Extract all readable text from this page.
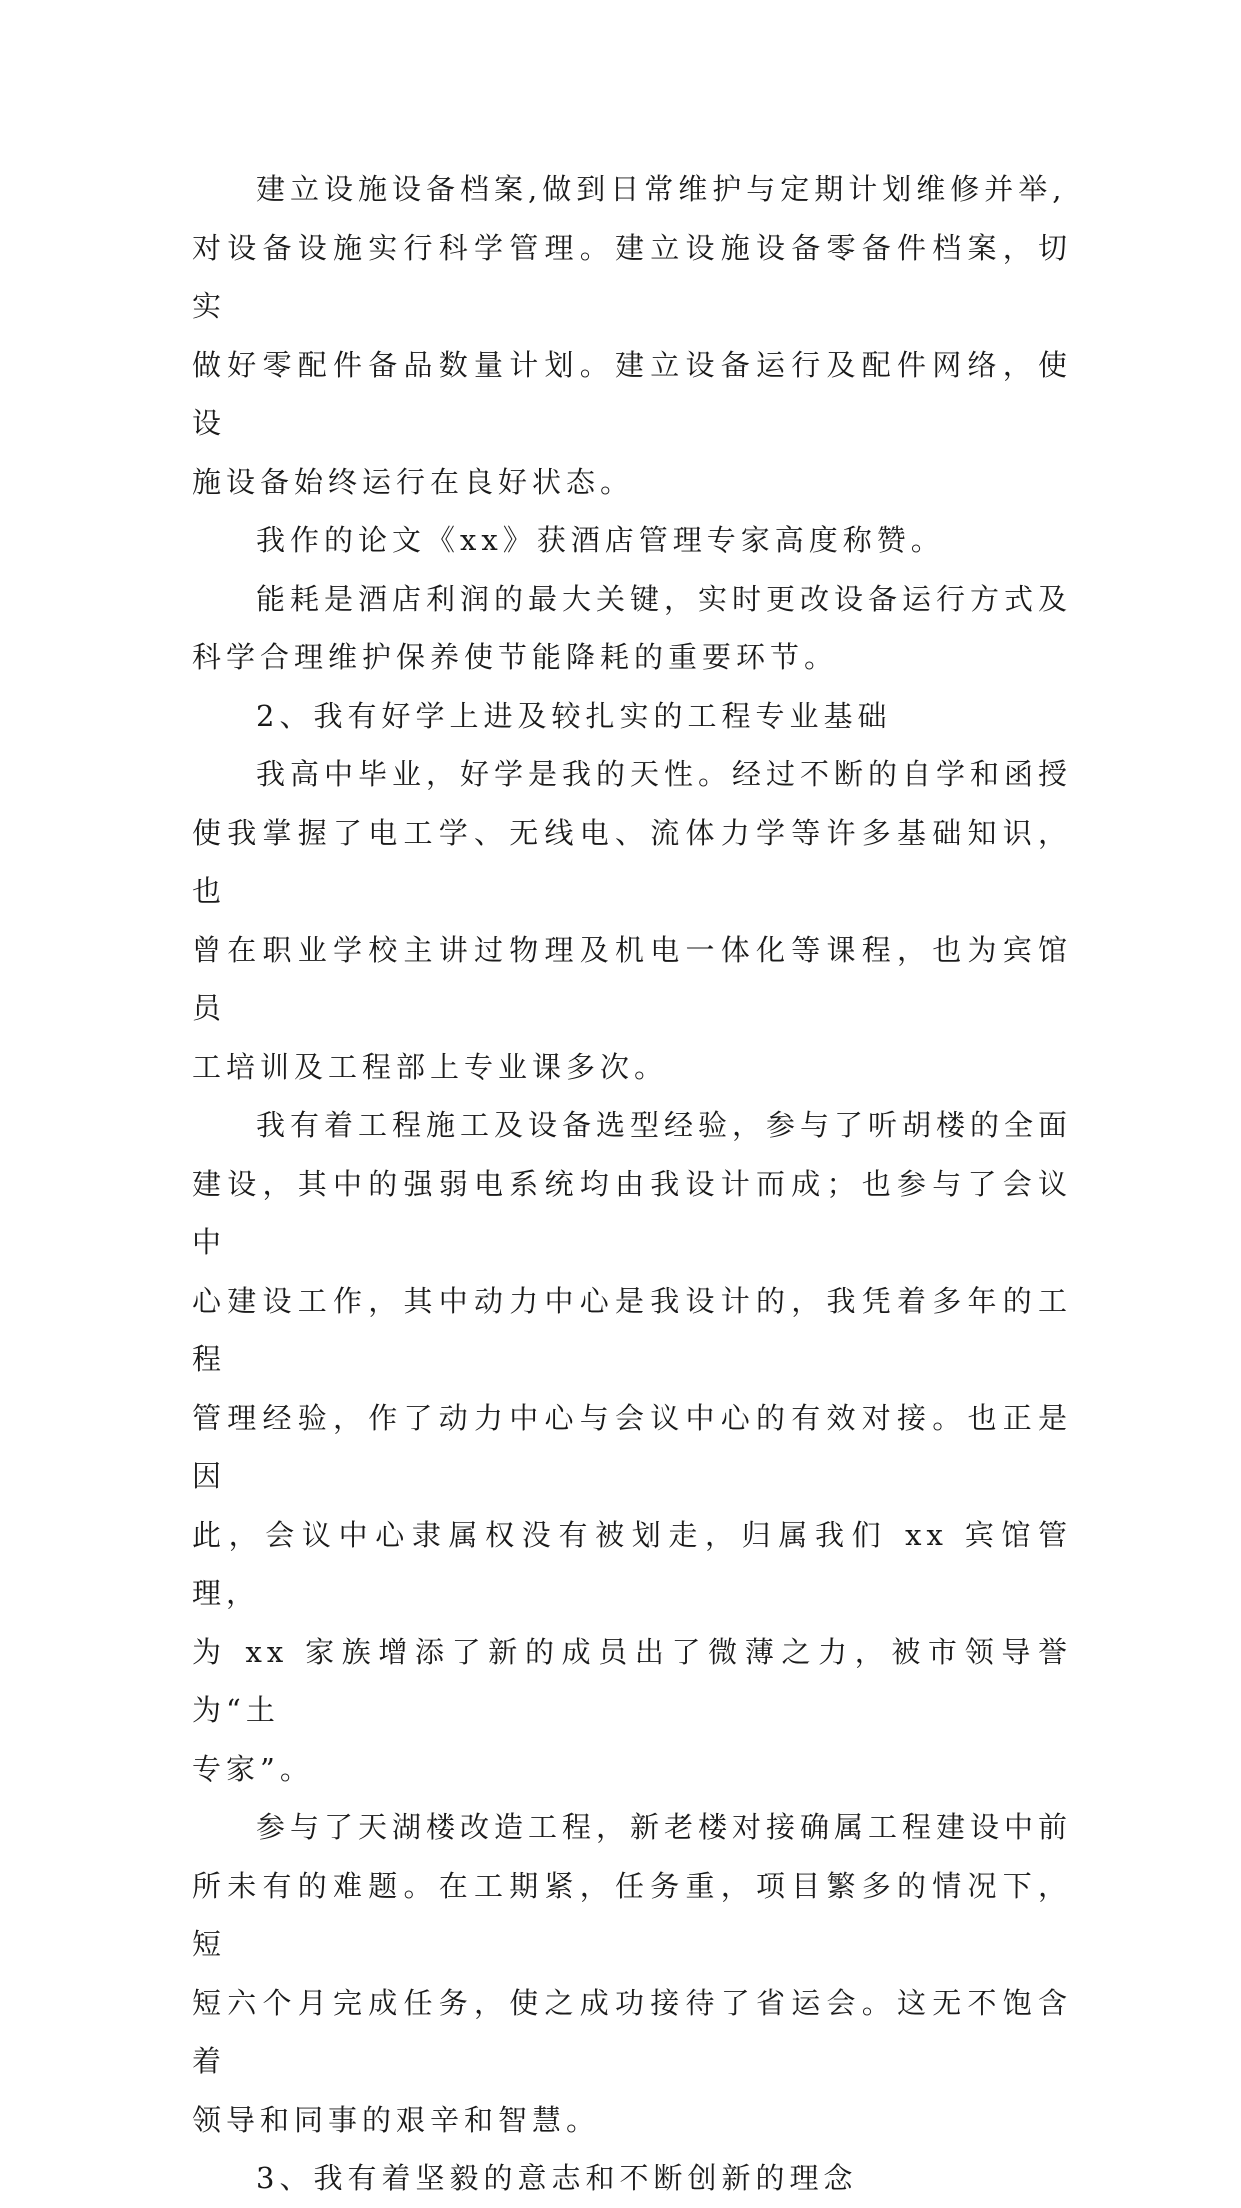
建立设施设备档案,做到日常维护与定期计划维修并举,
对设备设施实行科学管理。建立设施设备零备件档案，切实
做好零配件备品数量计划。建立设备运行及配件网络，使设
施设备始终运行在良好状态。

我作的论文《xx》获酒店管理专家高度称赞。

能耗是酒店利润的最大关键，实时更改设备运行方式及
科学合理维护保养使节能降耗的重要环节。

2、我有好学上进及较扎实的工程专业基础

我高中毕业，好学是我的天性。经过不断的自学和函授
使我掌握了电工学、无线电、流体力学等许多基础知识，也
曾在职业学校主讲过物理及机电一体化等课程，也为宾馆员
工培训及工程部上专业课多次。

我有着工程施工及设备选型经验，参与了听胡楼的全面
建设，其中的强弱电系统均由我设计而成；也参与了会议中
心建设工作，其中动力中心是我设计的，我凭着多年的工程
管理经验，作了动力中心与会议中心的有效对接。也正是因
此，会议中心隶属权没有被划走，归属我们 xx 宾馆管理，
为 xx 家族增添了新的成员出了微薄之力，被市领导誉为“土
专家”。

参与了天湖楼改造工程，新老楼对接确属工程建设中前
所未有的难题。在工期紧，任务重，项目繁多的情况下，短
短六个月完成任务，使之成功接待了省运会。这无不饱含着
领导和同事的艰辛和智慧。

3、我有着坚毅的意志和不断创新的理念
